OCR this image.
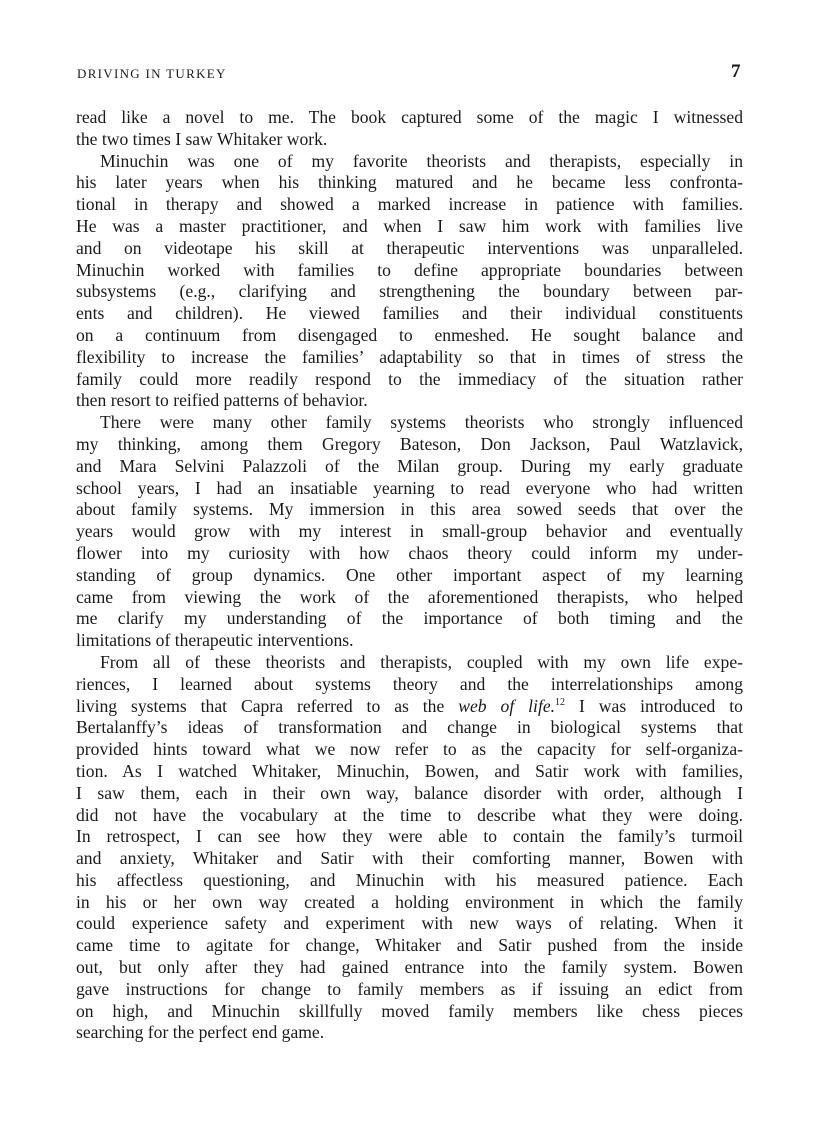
DRIVING IN TURKEY	7
read like a novel to me. The book captured some of the magic I witnessed
the two times I saw Whitaker work.
Minuchin was one of my favorite theorists and therapists, especially in
his later years when his thinking matured and he became less confronta-
tional in therapy and showed a marked increase in patience with families.
He was a master practitioner, and when I saw him work with families live
and on videotape his skill at therapeutic interventions was unparalleled.
Minuchin worked with families to define appropriate boundaries between
subsystems (e.g., clarifying and strengthening the boundary between par-
ents and children). He viewed families and their individual constituents
on a continuum from disengaged to enmeshed. He sought balance and
flexibility to increase the families’ adaptability so that in times of stress the
family could more readily respond to the immediacy of the situation rather
then resort to reified patterns of behavior.
There were many other family systems theorists who strongly influenced
my thinking, among them Gregory Bateson, Don Jackson, Paul Watzlavick,
and Mara Selvini Palazzoli of the Milan group. During my early graduate
school years, I had an insatiable yearning to read everyone who had written
about family systems. My immersion in this area sowed seeds that over the
years would grow with my interest in small-group behavior and eventually
flower into my curiosity with how chaos theory could inform my under-
standing of group dynamics. One other important aspect of my learning
came from viewing the work of the aforementioned therapists, who helped
me clarify my understanding of the importance of both timing and the
limitations of therapeutic interventions.
From all of these theorists and therapists, coupled with my own life expe-
riences, I learned about systems theory and the interrelationships among
living systems that Capra referred to as the web of life.$^{12}$ I was introduced to
Bertalanffy’s ideas of transformation and change in biological systems that
provided hints toward what we now refer to as the capacity for self-organiza-
tion. As I watched Whitaker, Minuchin, Bowen, and Satir work with families,
I saw them, each in their own way, balance disorder with order, although I
did not have the vocabulary at the time to describe what they were doing.
In retrospect, I can see how they were able to contain the family’s turmoil
and anxiety, Whitaker and Satir with their comforting manner, Bowen with
his affectless questioning, and Minuchin with his measured patience. Each
in his or her own way created a holding environment in which the family
could experience safety and experiment with new ways of relating. When it
came time to agitate for change, Whitaker and Satir pushed from the inside
out, but only after they had gained entrance into the family system. Bowen
gave instructions for change to family members as if issuing an edict from
on high, and Minuchin skillfully moved family members like chess pieces
searching for the perfect end game.
